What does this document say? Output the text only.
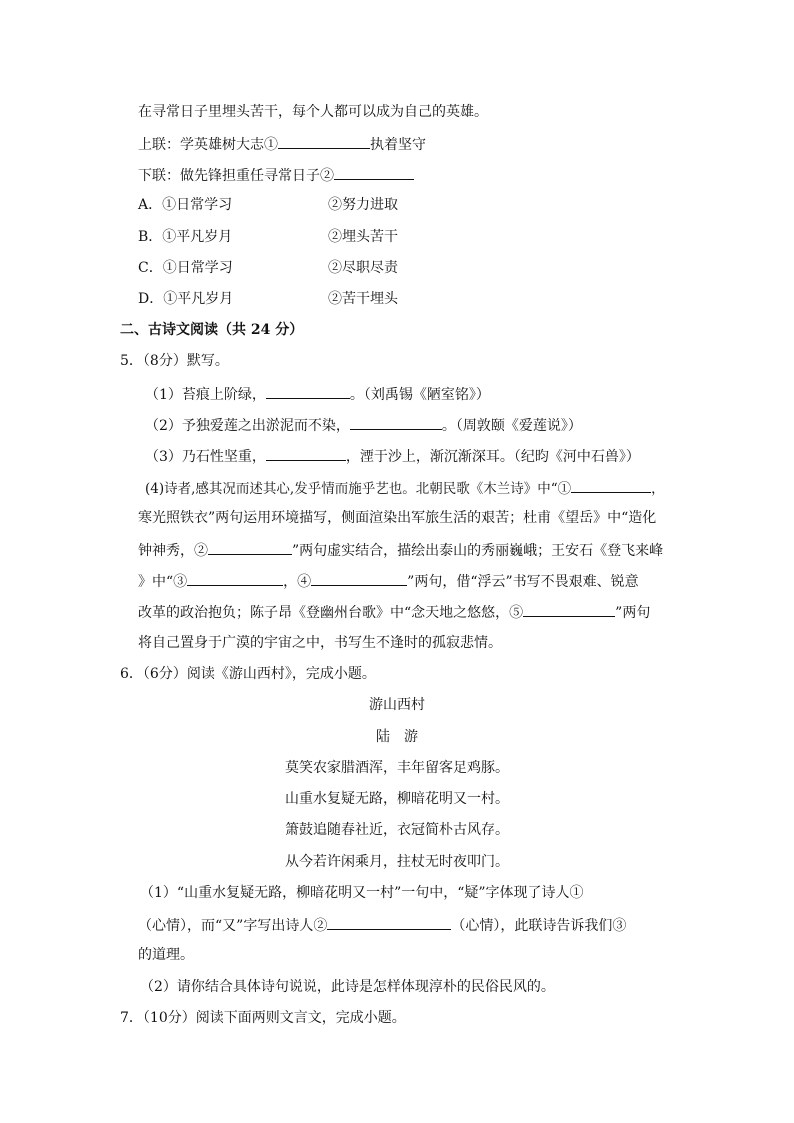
在寻常日子里埋头苦干，每个人都可以成为自己的英雄。
上联：学英雄树大志①	执着坚守
下联：做先锋担重任寻常日子②
A．①日常学习	②努力进取
B．①平凡岁月	②埋头苦干
C．①日常学习	②尽职尽责
D．①平凡岁月	②苦干埋头
二、古诗文阅读（共 24 分）
5．（8分）默写。
（1）苔痕上阶绿，	。（刘禹锡《陋室铭》）
（2）予独爱莲之出淤泥而不染，	。（周敦颐《爱莲说》）
（3）乃石性坚重，	，湮于沙上，渐沉渐深耳。（纪昀《河中石兽》）
(4)诗者,感其况而述其心,发乎情而施乎艺也。北朝民歌《木兰诗》中“①	，
寒光照铁衣”两句运用环境描写，侧面渲染出军旅生活的艰苦；杜甫《望岳》中“造化
钟神秀，②	”两句虚实结合，描绘出泰山的秀丽巍峨；王安石《登飞来峰
》中“③	，④	”两句，借“浮云”书写不畏艰难、锐意
改革的政治抱负；陈子昂《登幽州台歌》中“念天地之悠悠，⑤	”两句
将自己置身于广漠的宇宙之中，书写生不逢时的孤寂悲情。
6．（6分）阅读《游山西村》，完成小题。
游山西村
陆　游
莫笑农家腊酒浑，丰年留客足鸡豚。
山重水复疑无路，柳暗花明又一村。
箫鼓追随春社近，衣冠简朴古风存。
从今若许闲乘月，拄杖无时夜叩门。
（1）“山重水复疑无路，柳暗花明又一村”一句中，“疑”字体现了诗人①
（心情），而“又”字写出诗人②	（心情），此联诗告诉我们③
的道理。
（2）请你结合具体诗句说说，此诗是怎样体现淳朴的民俗民风的。
7．（10分）阅读下面两则文言文，完成小题。
